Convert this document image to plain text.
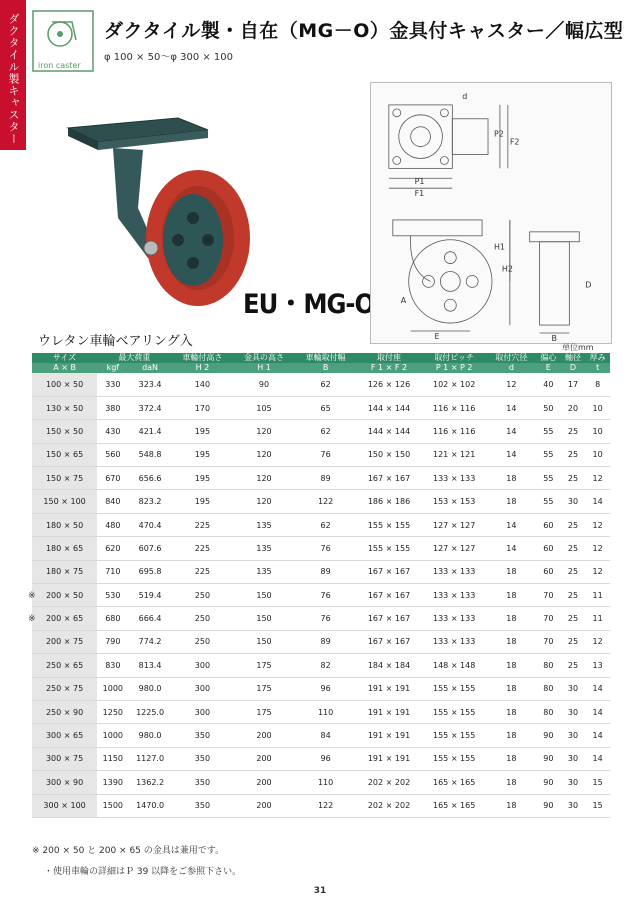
ダクタイル製キャスター	iron caster
ダクタイル製・自在（MG－O）金具付キャスター／幅広型
φ 100 × 50～φ 300 × 100
EU・MG-O
d
P2
F2
P1
F1
H1
H2
A
E	B
D
ウレタン車輪ベアリング入	単位mm
サイズ	最大荷重		車輪付高さ	金具の高さ	車輪取付幅	取付座	取付ピッチ	取付穴径	偏心	軸径	厚み
A × B	kgf	daN	H 2	H 1	B	F 1 × F 2	P 1 × P 2	d	E	D	t
100 × 50	330	323.4	140	90	62	126 × 126	102 × 102	12	40	17	8
130 × 50	380	372.4	170	105	65	144 × 144	116 × 116	14	50	20	10
150 × 50	430	421.4	195	120	62	144 × 144	116 × 116	14	55	25	10
150 × 65	560	548.8	195	120	76	150 × 150	121 × 121	14	55	25	10
150 × 75	670	656.6	195	120	89	167 × 167	133 × 133	18	55	25	12
150 × 100	840	823.2	195	120	122	186 × 186	153 × 153	18	55	30	14
180 × 50	480	470.4	225	135	62	155 × 155	127 × 127	14	60	25	12
180 × 65	620	607.6	225	135	76	155 × 155	127 × 127	14	60	25	12
180 × 75	710	695.8	225	135	89	167 × 167	133 × 133	18	60	25	12
200 × 50	530	519.4	250	150	76	167 × 167	133 × 133	18	70	25	11
200 × 65	680	666.4	250	150	76	167 × 167	133 × 133	18	70	25	11
200 × 75	790	774.2	250	150	89	167 × 167	133 × 133	18	70	25	12
250 × 65	830	813.4	300	175	82	184 × 184	148 × 148	18	80	25	13
250 × 75	1000	980.0	300	175	96	191 × 191	155 × 155	18	80	30	14
250 × 90	1250	1225.0	300	175	110	191 × 191	155 × 155	18	80	30	14
300 × 65	1000	980.0	350	200	84	191 × 191	155 × 155	18	90	30	14
300 × 75	1150	1127.0	350	200	96	191 × 191	155 × 155	18	90	30	14
300 × 90	1390	1362.2	350	200	110	202 × 202	165 × 165	18	90	30	15
300 × 100	1500	1470.0	350	200	122	202 × 202	165 × 165	18	90	30	15
※
※
※ 200 × 50 と 200 × 65 の金具は兼用です。
・使用車輪の詳細はＰ 39 以降をご参照下さい。
31
